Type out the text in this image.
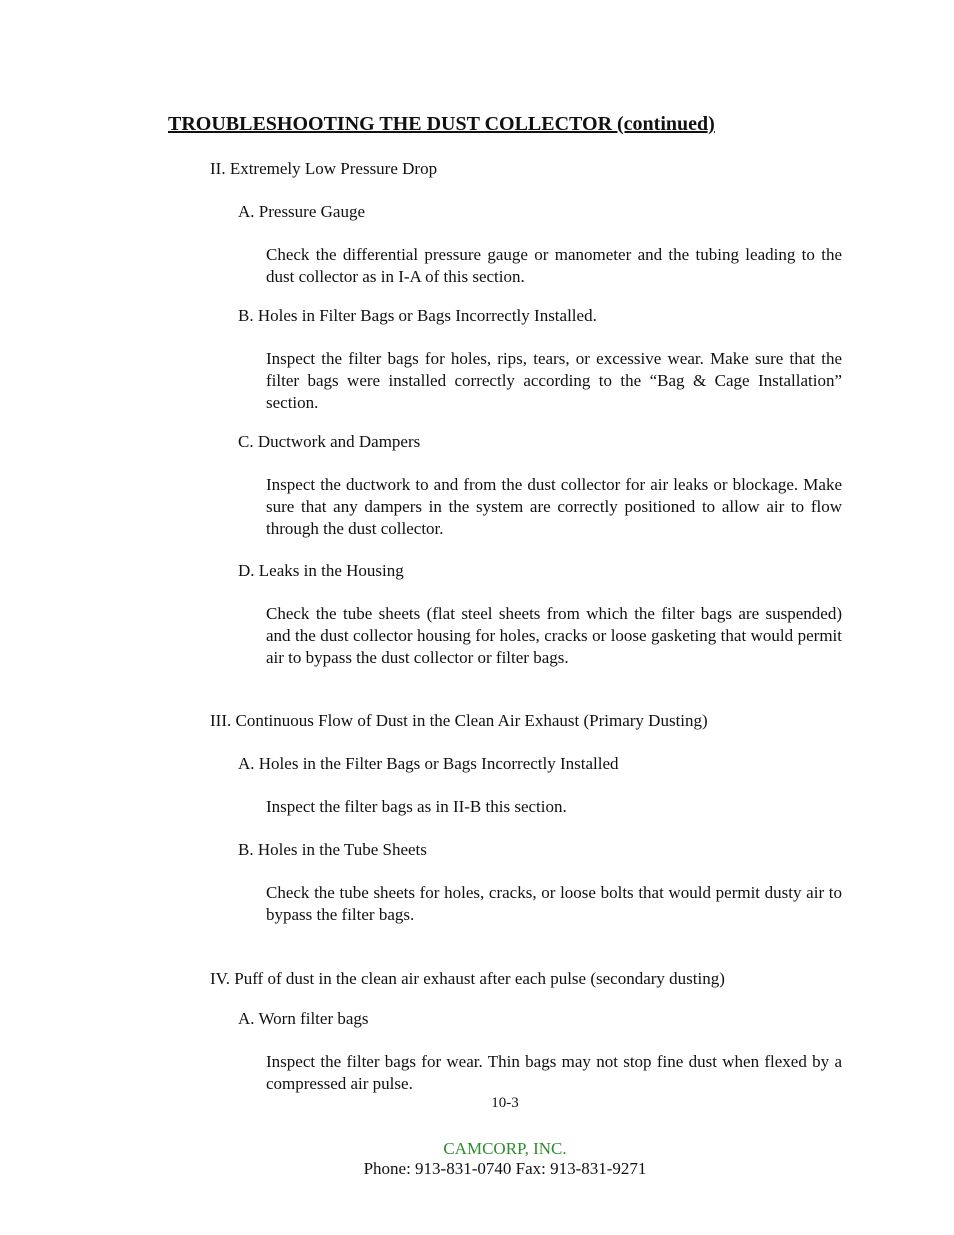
TROUBLESHOOTING THE DUST COLLECTOR (continued)
II. Extremely Low Pressure Drop
A. Pressure Gauge
Check the differential pressure gauge or manometer and the tubing leading to the dust collector as in I-A of this section.
B. Holes in Filter Bags or Bags Incorrectly Installed.
Inspect the filter bags for holes, rips, tears, or excessive wear. Make sure that the filter bags were installed correctly according to the “Bag & Cage Installation” section.
C. Ductwork and Dampers
Inspect the ductwork to and from the dust collector for air leaks or blockage. Make sure that any dampers in the system are correctly positioned to allow air to flow through the dust collector.
D. Leaks in the Housing
Check the tube sheets (flat steel sheets from which the filter bags are suspended) and the dust collector housing for holes, cracks or loose gasketing that would permit air to bypass the dust collector or filter bags.
III. Continuous Flow of Dust in the Clean Air Exhaust (Primary Dusting)
A. Holes in the Filter Bags or Bags Incorrectly Installed
Inspect the filter bags as in II-B this section.
B. Holes in the Tube Sheets
Check the tube sheets for holes, cracks, or loose bolts that would permit dusty air to bypass the filter bags.
IV. Puff of dust in the clean air exhaust after each pulse (secondary dusting)
A. Worn filter bags
Inspect the filter bags for wear. Thin bags may not stop fine dust when flexed by a compressed air pulse.
10-3
CAMCORP, INC.
Phone: 913-831-0740 Fax: 913-831-9271
